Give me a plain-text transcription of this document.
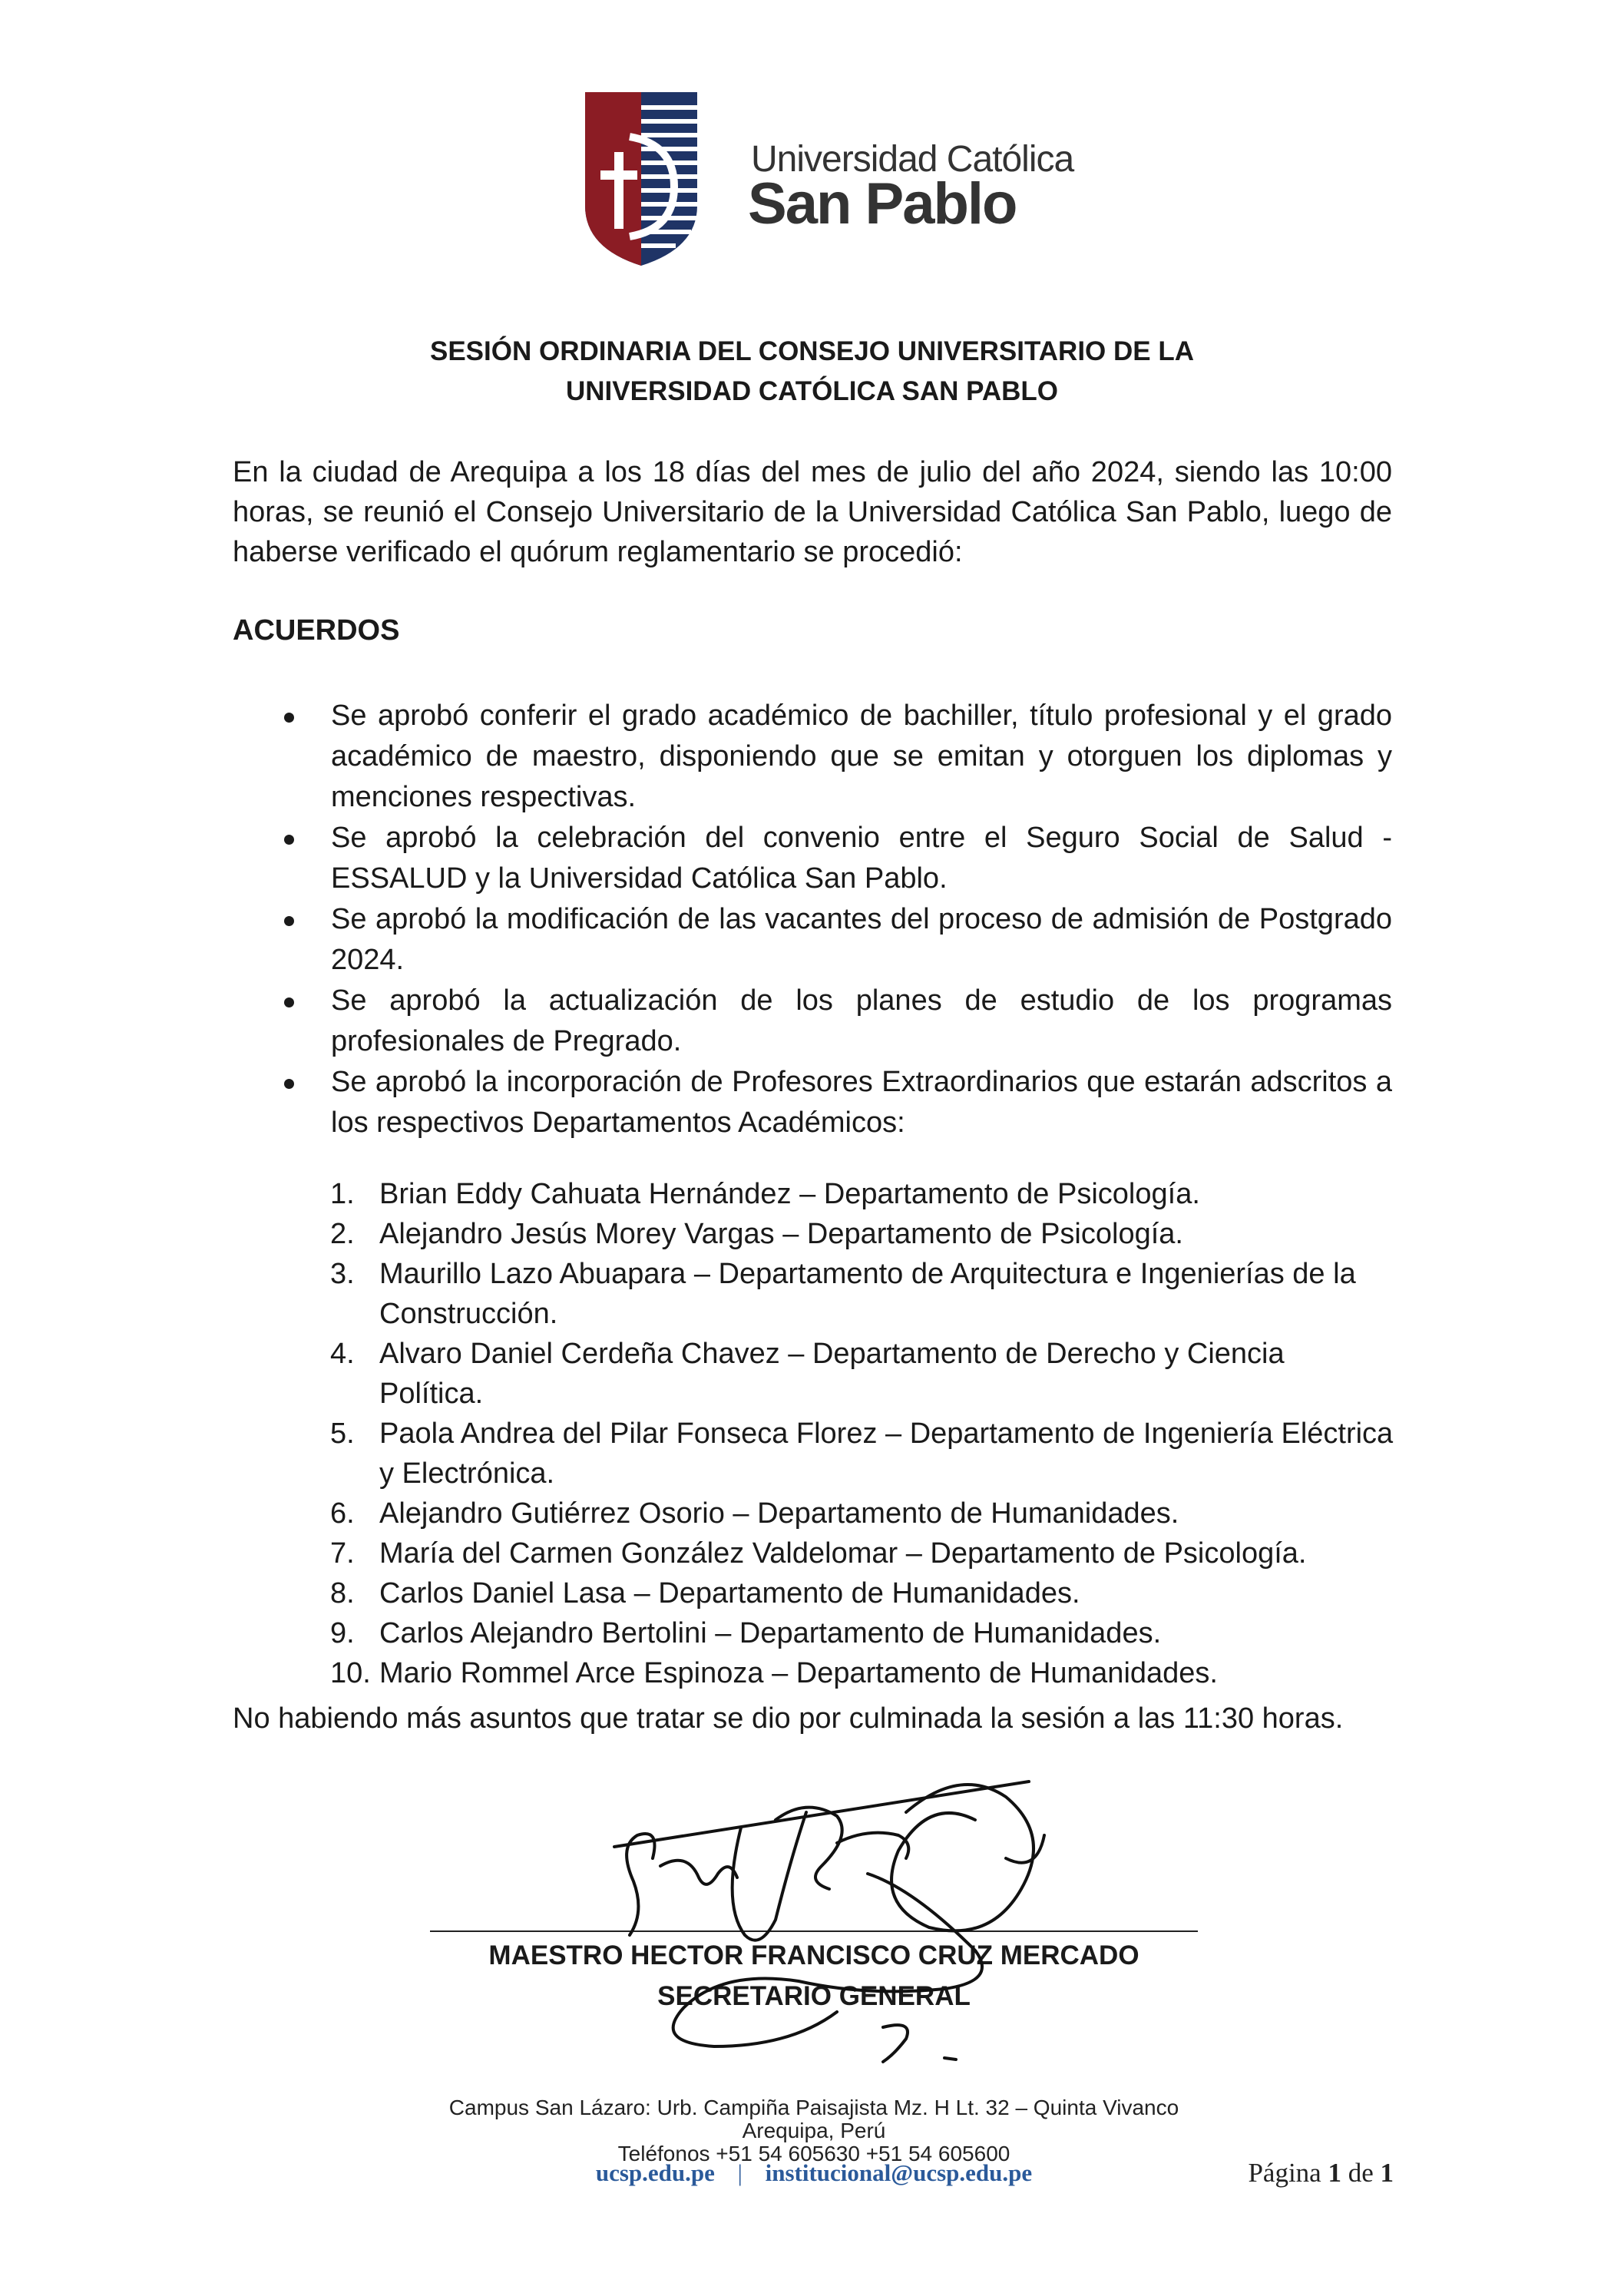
Universidad Católica
San Pablo
SESIÓN ORDINARIA DEL CONSEJO UNIVERSITARIO DE LA
UNIVERSIDAD CATÓLICA SAN PABLO
En la ciudad de Arequipa a los 18 días del mes de julio del año 2024, siendo las 10:00 horas, se reunió el Consejo Universitario de la Universidad Católica San Pablo, luego de haberse verificado el quórum reglamentario se procedió:
ACUERDOS
Se aprobó conferir el grado académico de bachiller, título profesional y el grado académico de maestro, disponiendo que se emitan y otorguen los diplomas y menciones respectivas.
Se aprobó la celebración del convenio entre el Seguro Social de Salud - ESSALUD y la Universidad Católica San Pablo.
Se aprobó la modificación de las vacantes del proceso de admisión de Postgrado 2024.
Se aprobó la actualización de los planes de estudio de los programas profesionales de Pregrado.
Se aprobó la incorporación de Profesores Extraordinarios que estarán adscritos a los respectivos Departamentos Académicos:
1. Brian Eddy Cahuata Hernández – Departamento de Psicología.
2. Alejandro Jesús Morey Vargas – Departamento de Psicología.
3. Maurillo Lazo Abuapara – Departamento de Arquitectura e Ingenierías de la Construcción.
4. Alvaro Daniel Cerdeña Chavez – Departamento de Derecho y Ciencia Política.
5. Paola Andrea del Pilar Fonseca Florez – Departamento de Ingeniería Eléctrica y Electrónica.
6. Alejandro Gutiérrez Osorio – Departamento de Humanidades.
7. María del Carmen González Valdelomar – Departamento de Psicología.
8. Carlos Daniel Lasa – Departamento de Humanidades.
9. Carlos Alejandro Bertolini – Departamento de Humanidades.
10. Mario Rommel Arce Espinoza – Departamento de Humanidades.
No habiendo más asuntos que tratar se dio por culminada la sesión a las 11:30 horas.
MAESTRO HECTOR FRANCISCO CRUZ MERCADO
SECRETARIO GENERAL
Campus San Lázaro: Urb. Campiña Paisajista Mz. H Lt. 32 – Quinta Vivanco
Arequipa, Perú
Teléfonos +51 54 605630 +51 54 605600
ucsp.edu.pe | institucional@ucsp.edu.pe	Página 1 de 1
